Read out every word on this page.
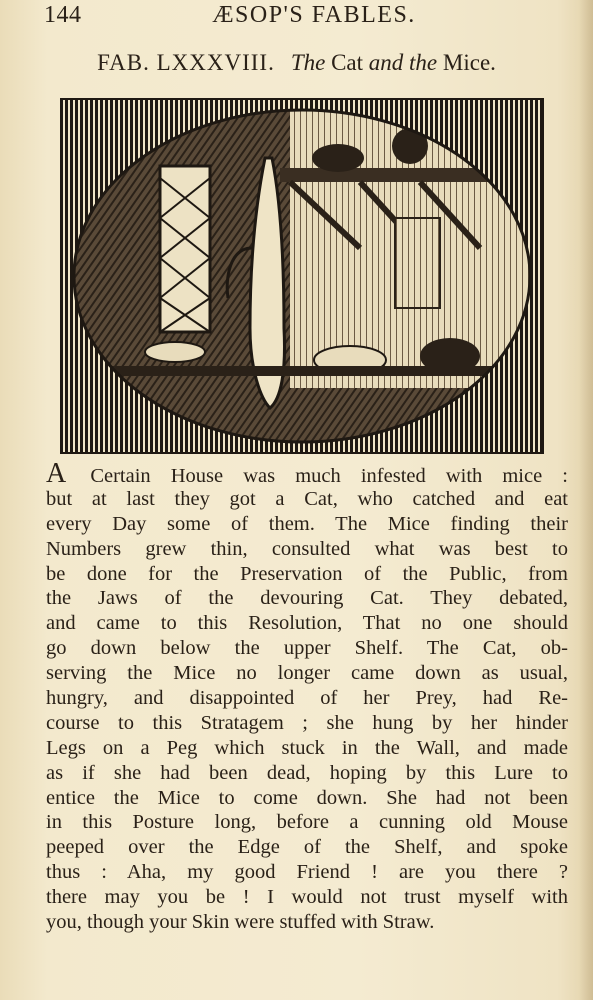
144	ÆSOP'S FABLES.
FAB. LXXXVIII. The Cat and the Mice.
A Certain House was much infested with mice :
but at last they got a Cat, who catched and eat
every Day some of them. The Mice finding their
Numbers grew thin, consulted what was best to
be done for the Preservation of the Public, from
the Jaws of the devouring Cat. They debated,
and came to this Resolution, That no one should
go down below the upper Shelf. The Cat, ob-
serving the Mice no longer came down as usual,
hungry, and disappointed of her Prey, had Re-
course to this Stratagem ; she hung by her hinder
Legs on a Peg which stuck in the Wall, and made
as if she had been dead, hoping by this Lure to
entice the Mice to come down. She had not been
in this Posture long, before a cunning old Mouse
peeped over the Edge of the Shelf, and spoke
thus : Aha, my good Friend ! are you there ?
there may you be ! I would not trust myself with
you, though your Skin were stuffed with Straw.
